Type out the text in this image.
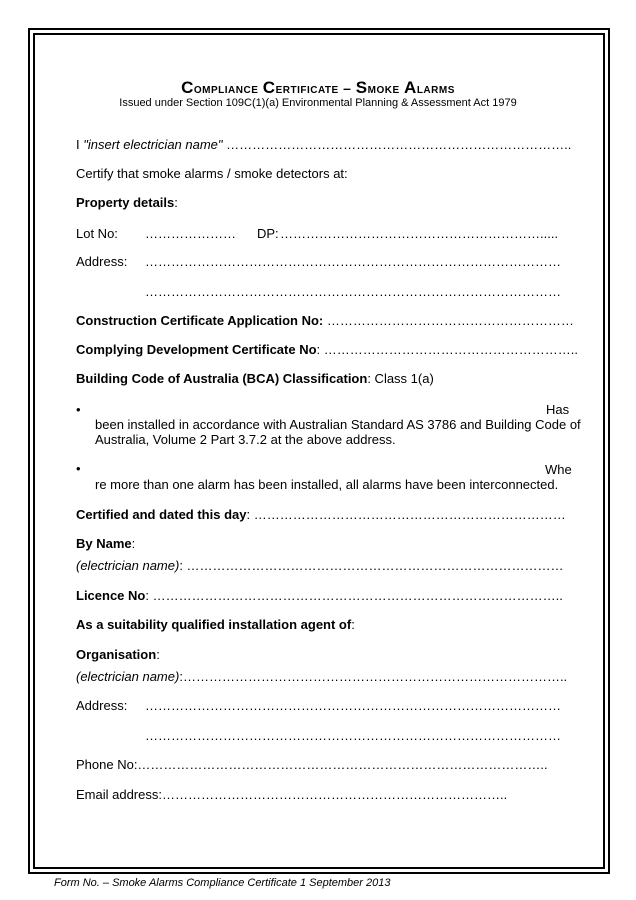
Compliance Certificate – Smoke Alarms
Issued under Section 109C(1)(a) Environmental Planning & Assessment Act 1979
I "insert electrician name" ……………………………………………………………………..
Certify that smoke alarms / smoke detectors at:
Property details:
Lot No: ………………… DP: …………………………………………………….....
Address: ……………………………………………………………………………………
……………………………………………………………………………………
Construction Certificate Application No: …………………………………………………
Complying Development Certificate No: …………………………………………………..
Building Code of Australia (BCA) Classification: Class 1(a)
•	Has
been installed in accordance with Australian Standard AS 3786 and Building Code of Australia, Volume 2 Part 3.7.2 at the above address.
•	Whe
re more than one alarm has been installed, all alarms have been interconnected.
Certified and dated this day: ………………………………………………………………
By Name:
(electrician name): ……………………………………………………………………………
Licence No: …………………………………………………………………………………..
As a suitability qualified installation agent of:
Organisation:
(electrician name):……………………………………………………………………………..
Address: ……………………………………………………………………………………
……………………………………………………………………………………
Phone No:…………………………………………………………………………………..
Email address:……………………………………………………………………..
Form No. – Smoke Alarms Compliance Certificate 1 September 2013
